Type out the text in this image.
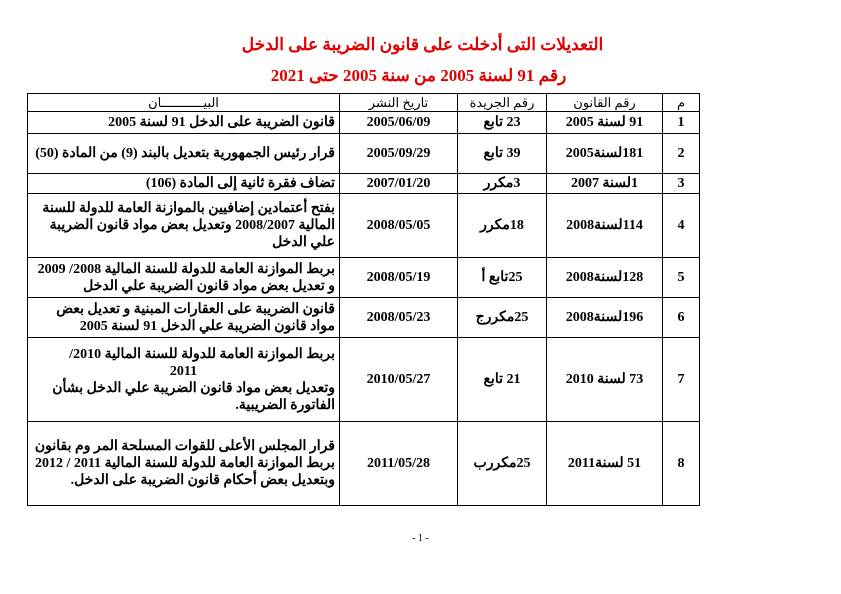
التعديلات التى أدخلت على قانون الضريبة على الدخل
رقم 91 لسنة 2005 من سنة 2005 حتى 2021
م	رقم القانون	رقم الجريدة	تاريخ النشر	البيـــــــــــان
1	91 لسنة 2005	23 تابع	2005/06/09	قانون الضريبة على الدخل 91 لسنة 2005
2	181لسنة2005	39 تابع	2005/09/29	قرار رئيس الجمهورية بتعديل بالبند (9) من المادة (50)
3	1لسنة 2007	3مكرر	2007/01/20	تضاف فقرة ثانية إلى المادة (106)
4	114لسنة2008	18مكرر	2008/05/05	بفتح أعتمادين إضافيين بالموازنة العامة للدولة للسنة المالية 2008/2007 وتعديل بعض مواد قانون الضريبة علي الدخل
5	128لسنة2008	25تابع أ	2008/05/19	بربط الموازنة العامة للدولة للسنة المالية 2008/ 2009 و تعديل بعض مواد قانون الضريبة علي الدخل
6	196لسنة2008	25مكررج	2008/05/23	قانون الضريبة على العقارات المبنية و تعديل بعض مواد قانون الضريبة علي الدخل 91 لسنة 2005
7	73 لسنة 2010	21 تابع	2010/05/27	بربط الموازنة العامة للدولة للسنة المالية 2010/
2011
وتعديل بعض مواد قانون الضريبة علي الدخل بشأن الفاتورة الضريبية.

8	51 لسنة2011	25مكررب	2011/05/28	قرار المجلس الأعلى للقوات المسلحة المر وم بقانون بربط الموازنة العامة للدولة للسنة المالية 2011 / 2012 وبتعديل بعض أحكام قانون الضريبة على الدخل.
- 1 -
